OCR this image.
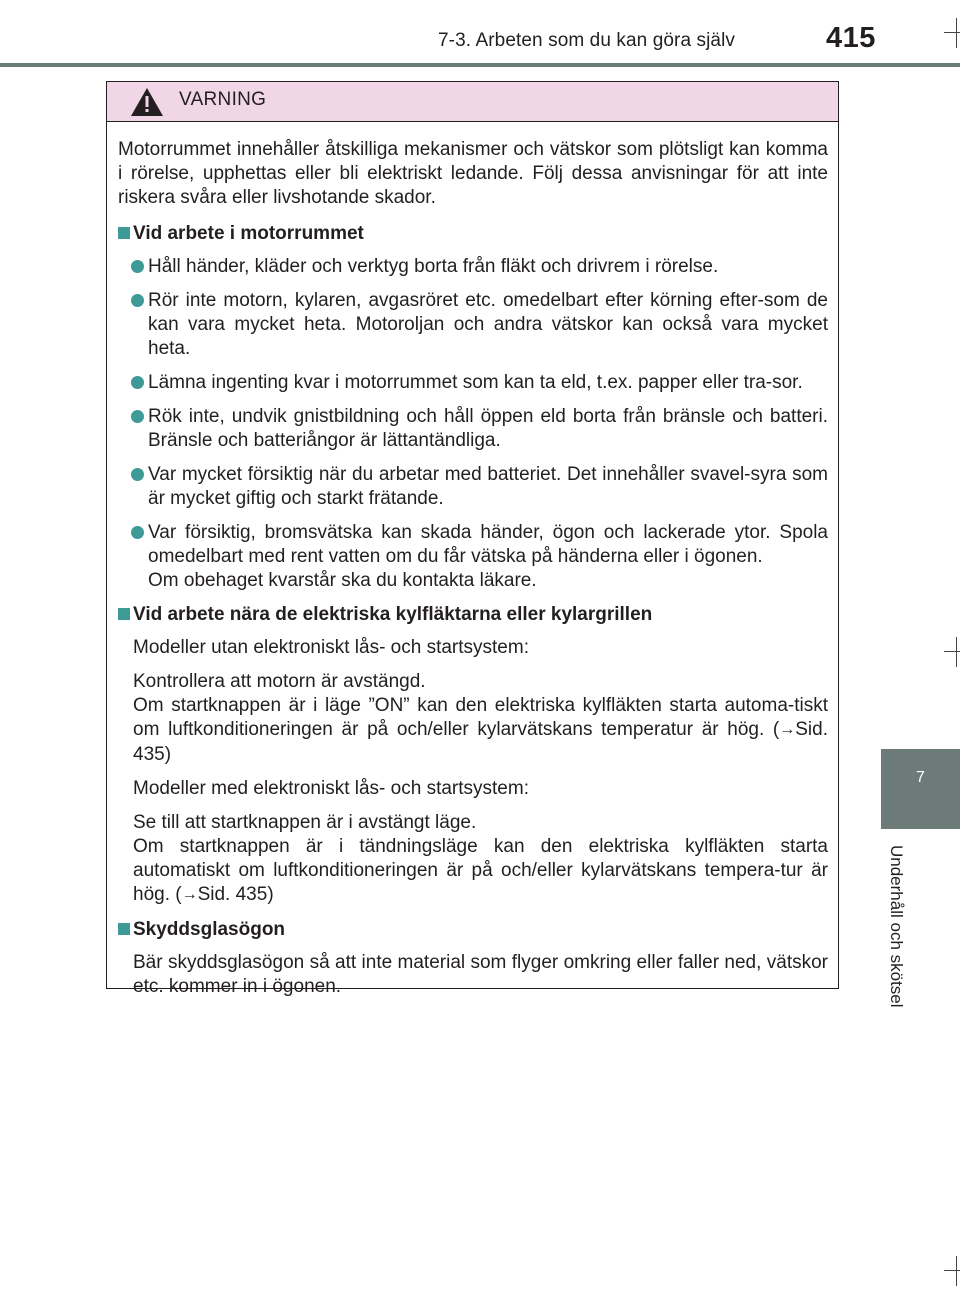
7-3. Arbeten som du kan göra själv	415
7
Underhåll och skötsel
VARNING

Motorrummet innehåller åtskilliga mekanismer och vätskor som plötsligt kan komma i rörelse, upphettas eller bli elektriskt ledande. Följ dessa anvisningar för att inte riskera svåra eller livshotande skador.

Vid arbete i motorrummet
Håll händer, kläder och verktyg borta från fläkt och drivrem i rörelse.
Rör inte motorn, kylaren, avgasröret etc. omedelbart efter körning efter-som de kan vara mycket heta. Motoroljan och andra vätskor kan också vara mycket heta.
Lämna ingenting kvar i motorrummet som kan ta eld, t.ex. papper eller tra-sor.
Rök inte, undvik gnistbildning och håll öppen eld borta från bränsle och batteri. Bränsle och batteriångor är lättantändliga.
Var mycket försiktig när du arbetar med batteriet. Det innehåller svavel-syra som är mycket giftig och starkt frätande.
Var försiktig, bromsvätska kan skada händer, ögon och lackerade ytor. Spola omedelbart med rent vatten om du får vätska på händerna eller i ögonen.
Om obehaget kvarstår ska du kontakta läkare.
Vid arbete nära de elektriska kylfläktarna eller kylargrillen

Modeller utan elektroniskt lås- och startsystem:

Kontrollera att motorn är avstängd.
Om startknappen är i läge ”ON” kan den elektriska kylfläkten starta automa-tiskt om luftkonditioneringen är på och/eller kylarvätskans temperatur är hög. (→Sid. 435)

Modeller med elektroniskt lås- och startsystem:

Se till att startknappen är i avstängt läge.
Om startknappen är i tändningsläge kan den elektriska kylfläkten starta automatiskt om luftkonditioneringen är på och/eller kylarvätskans tempera-tur är hög. (→Sid. 435)

Skyddsglasögon

Bär skyddsglasögon så att inte material som flyger omkring eller faller ned, vätskor etc. kommer in i ögonen.
